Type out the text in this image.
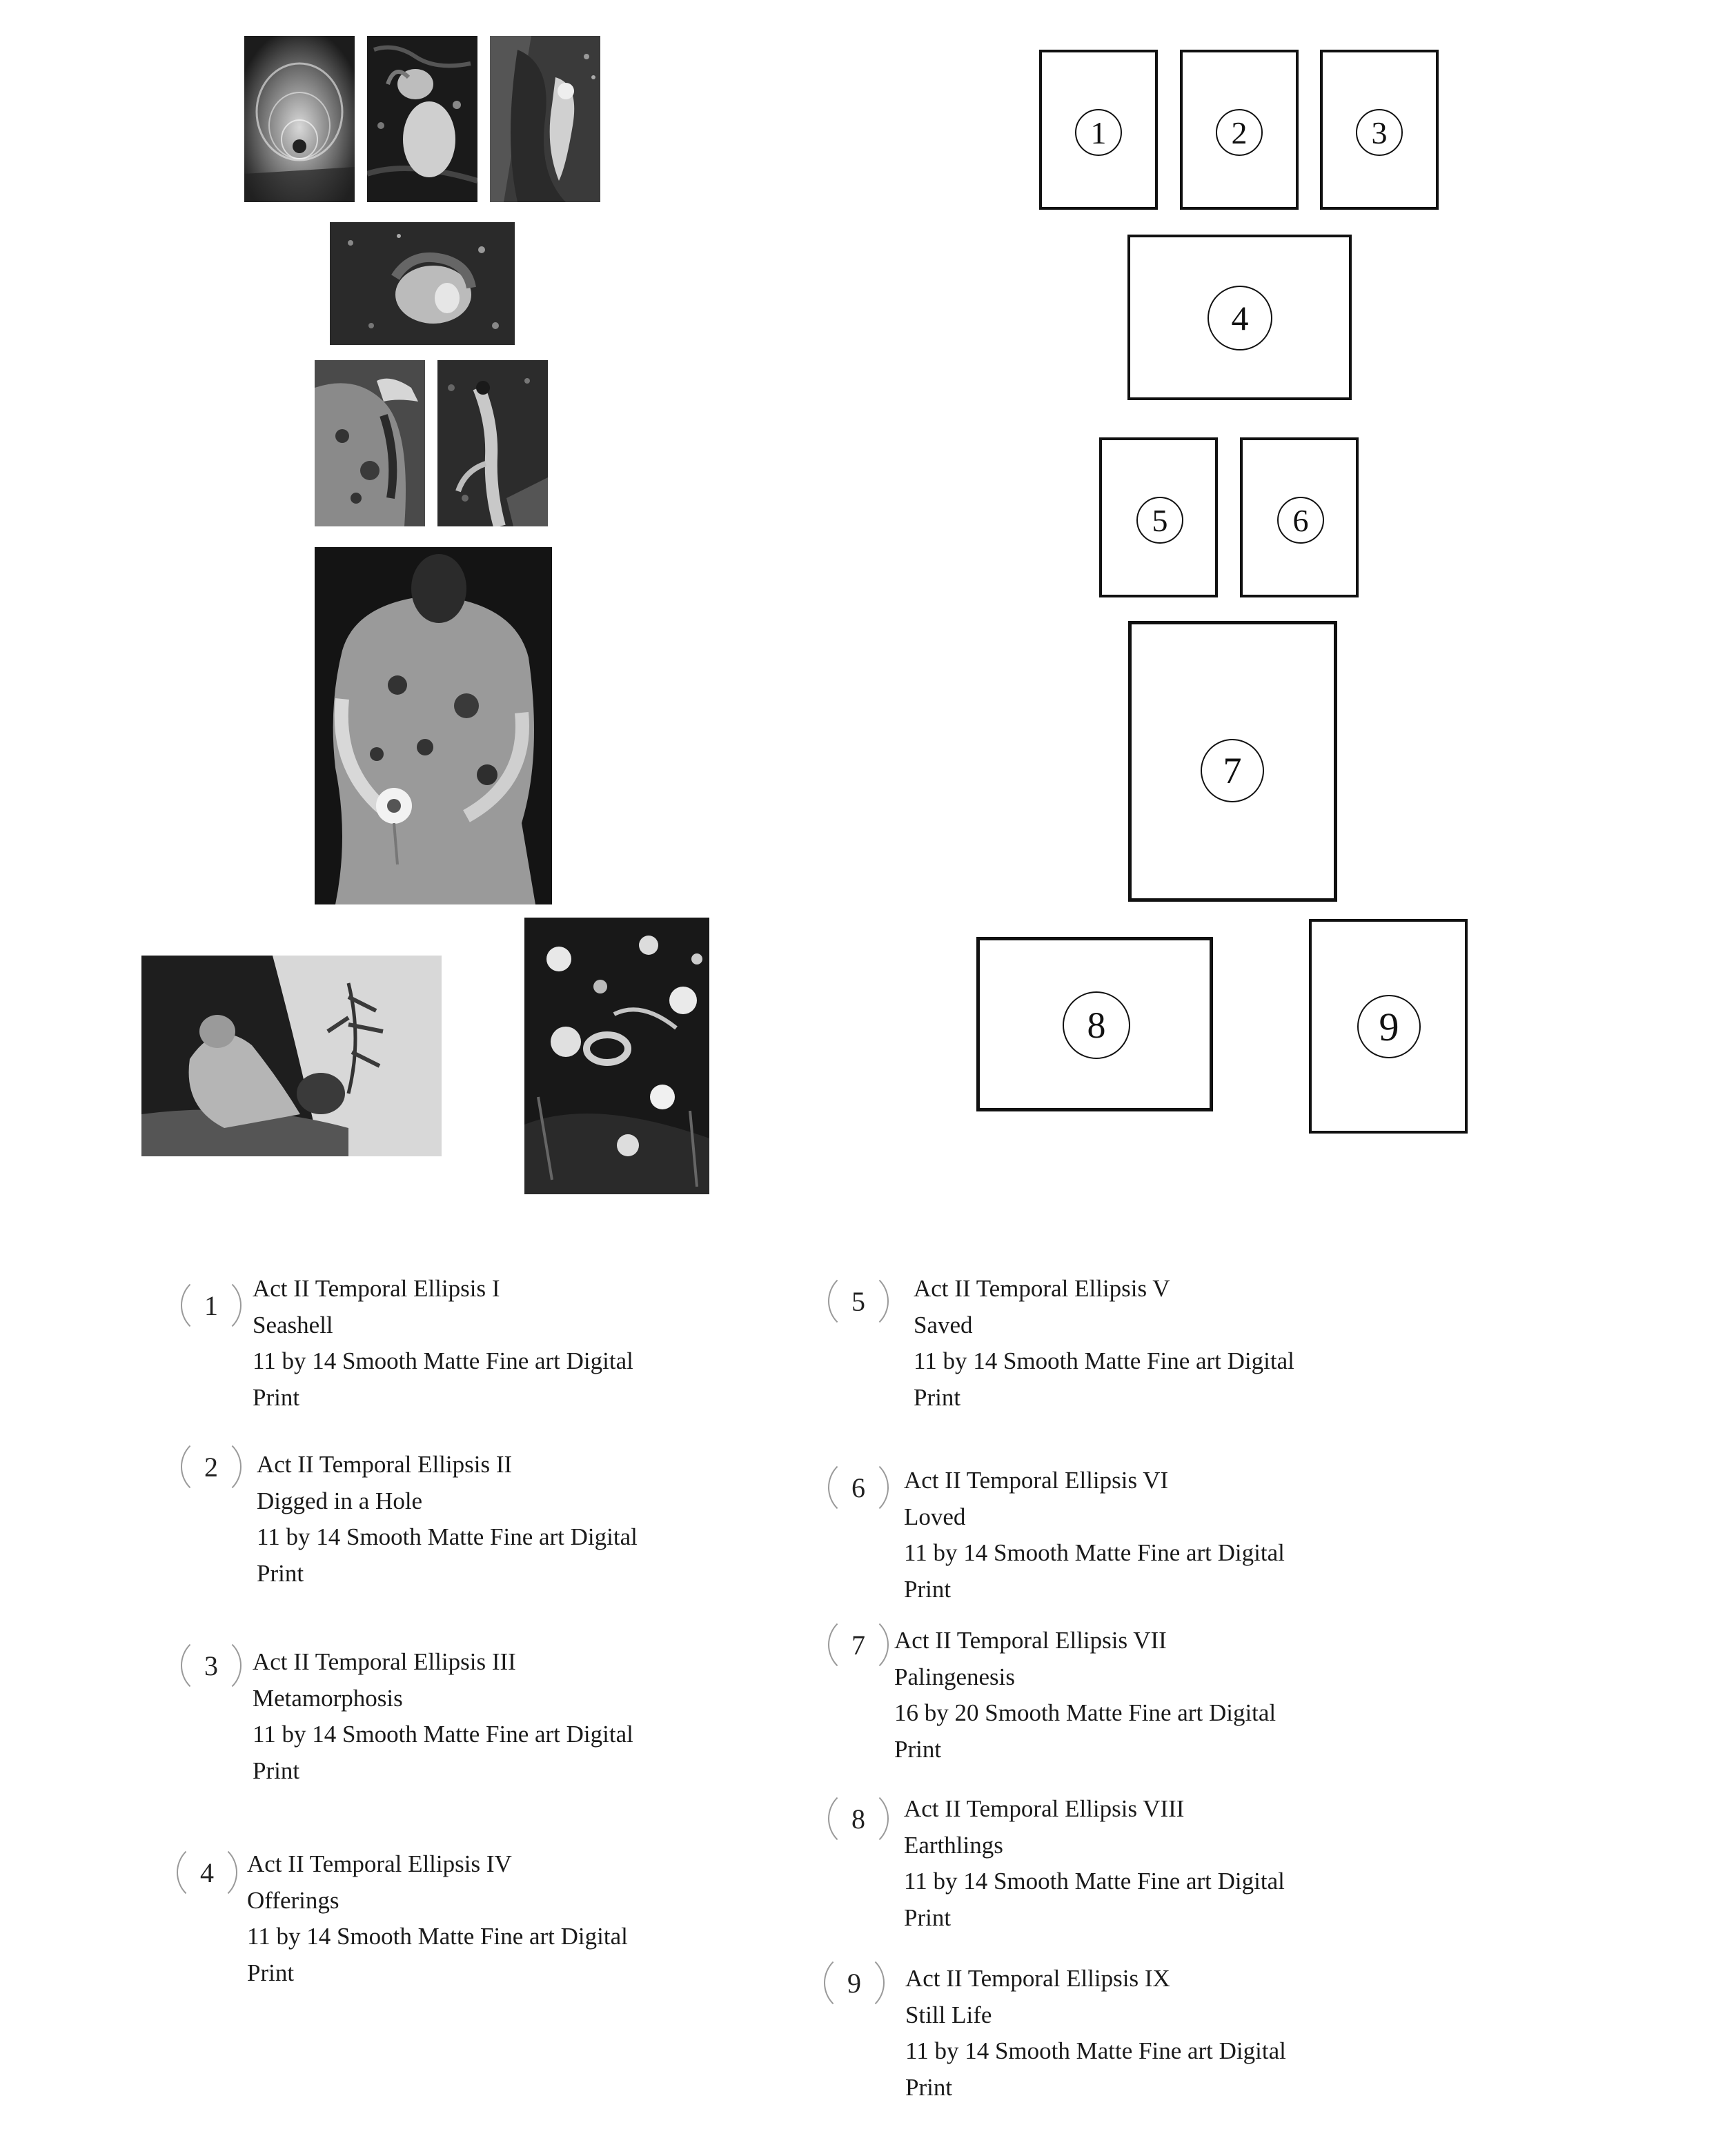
1	2	3
4
5	6
7
8	9
1
Act II Temporal Ellipsis I
Seashell
11 by 14 Smooth Matte Fine art Digital
Print
2	Act II Temporal Ellipsis II
Digged in a Hole
11 by 14 Smooth Matte Fine art Digital
Print
3	Act II Temporal Ellipsis III
Metamorphosis
11 by 14 Smooth Matte Fine art Digital
Print
4	Act II Temporal Ellipsis IV
Offerings
11 by 14 Smooth Matte Fine art Digital
Print
5	Act II Temporal Ellipsis V
Saved
11 by 14 Smooth Matte Fine art Digital
Print
6	Act II Temporal Ellipsis VI
Loved
11 by 14 Smooth Matte Fine art Digital
Print
7	Act II Temporal Ellipsis VII
Palingenesis
16 by 20 Smooth Matte Fine art Digital
Print
8	Act II Temporal Ellipsis VIII
Earthlings
11 by 14 Smooth Matte Fine art Digital
Print
9	Act II Temporal Ellipsis IX
Still Life
11 by 14 Smooth Matte Fine art Digital
Print
